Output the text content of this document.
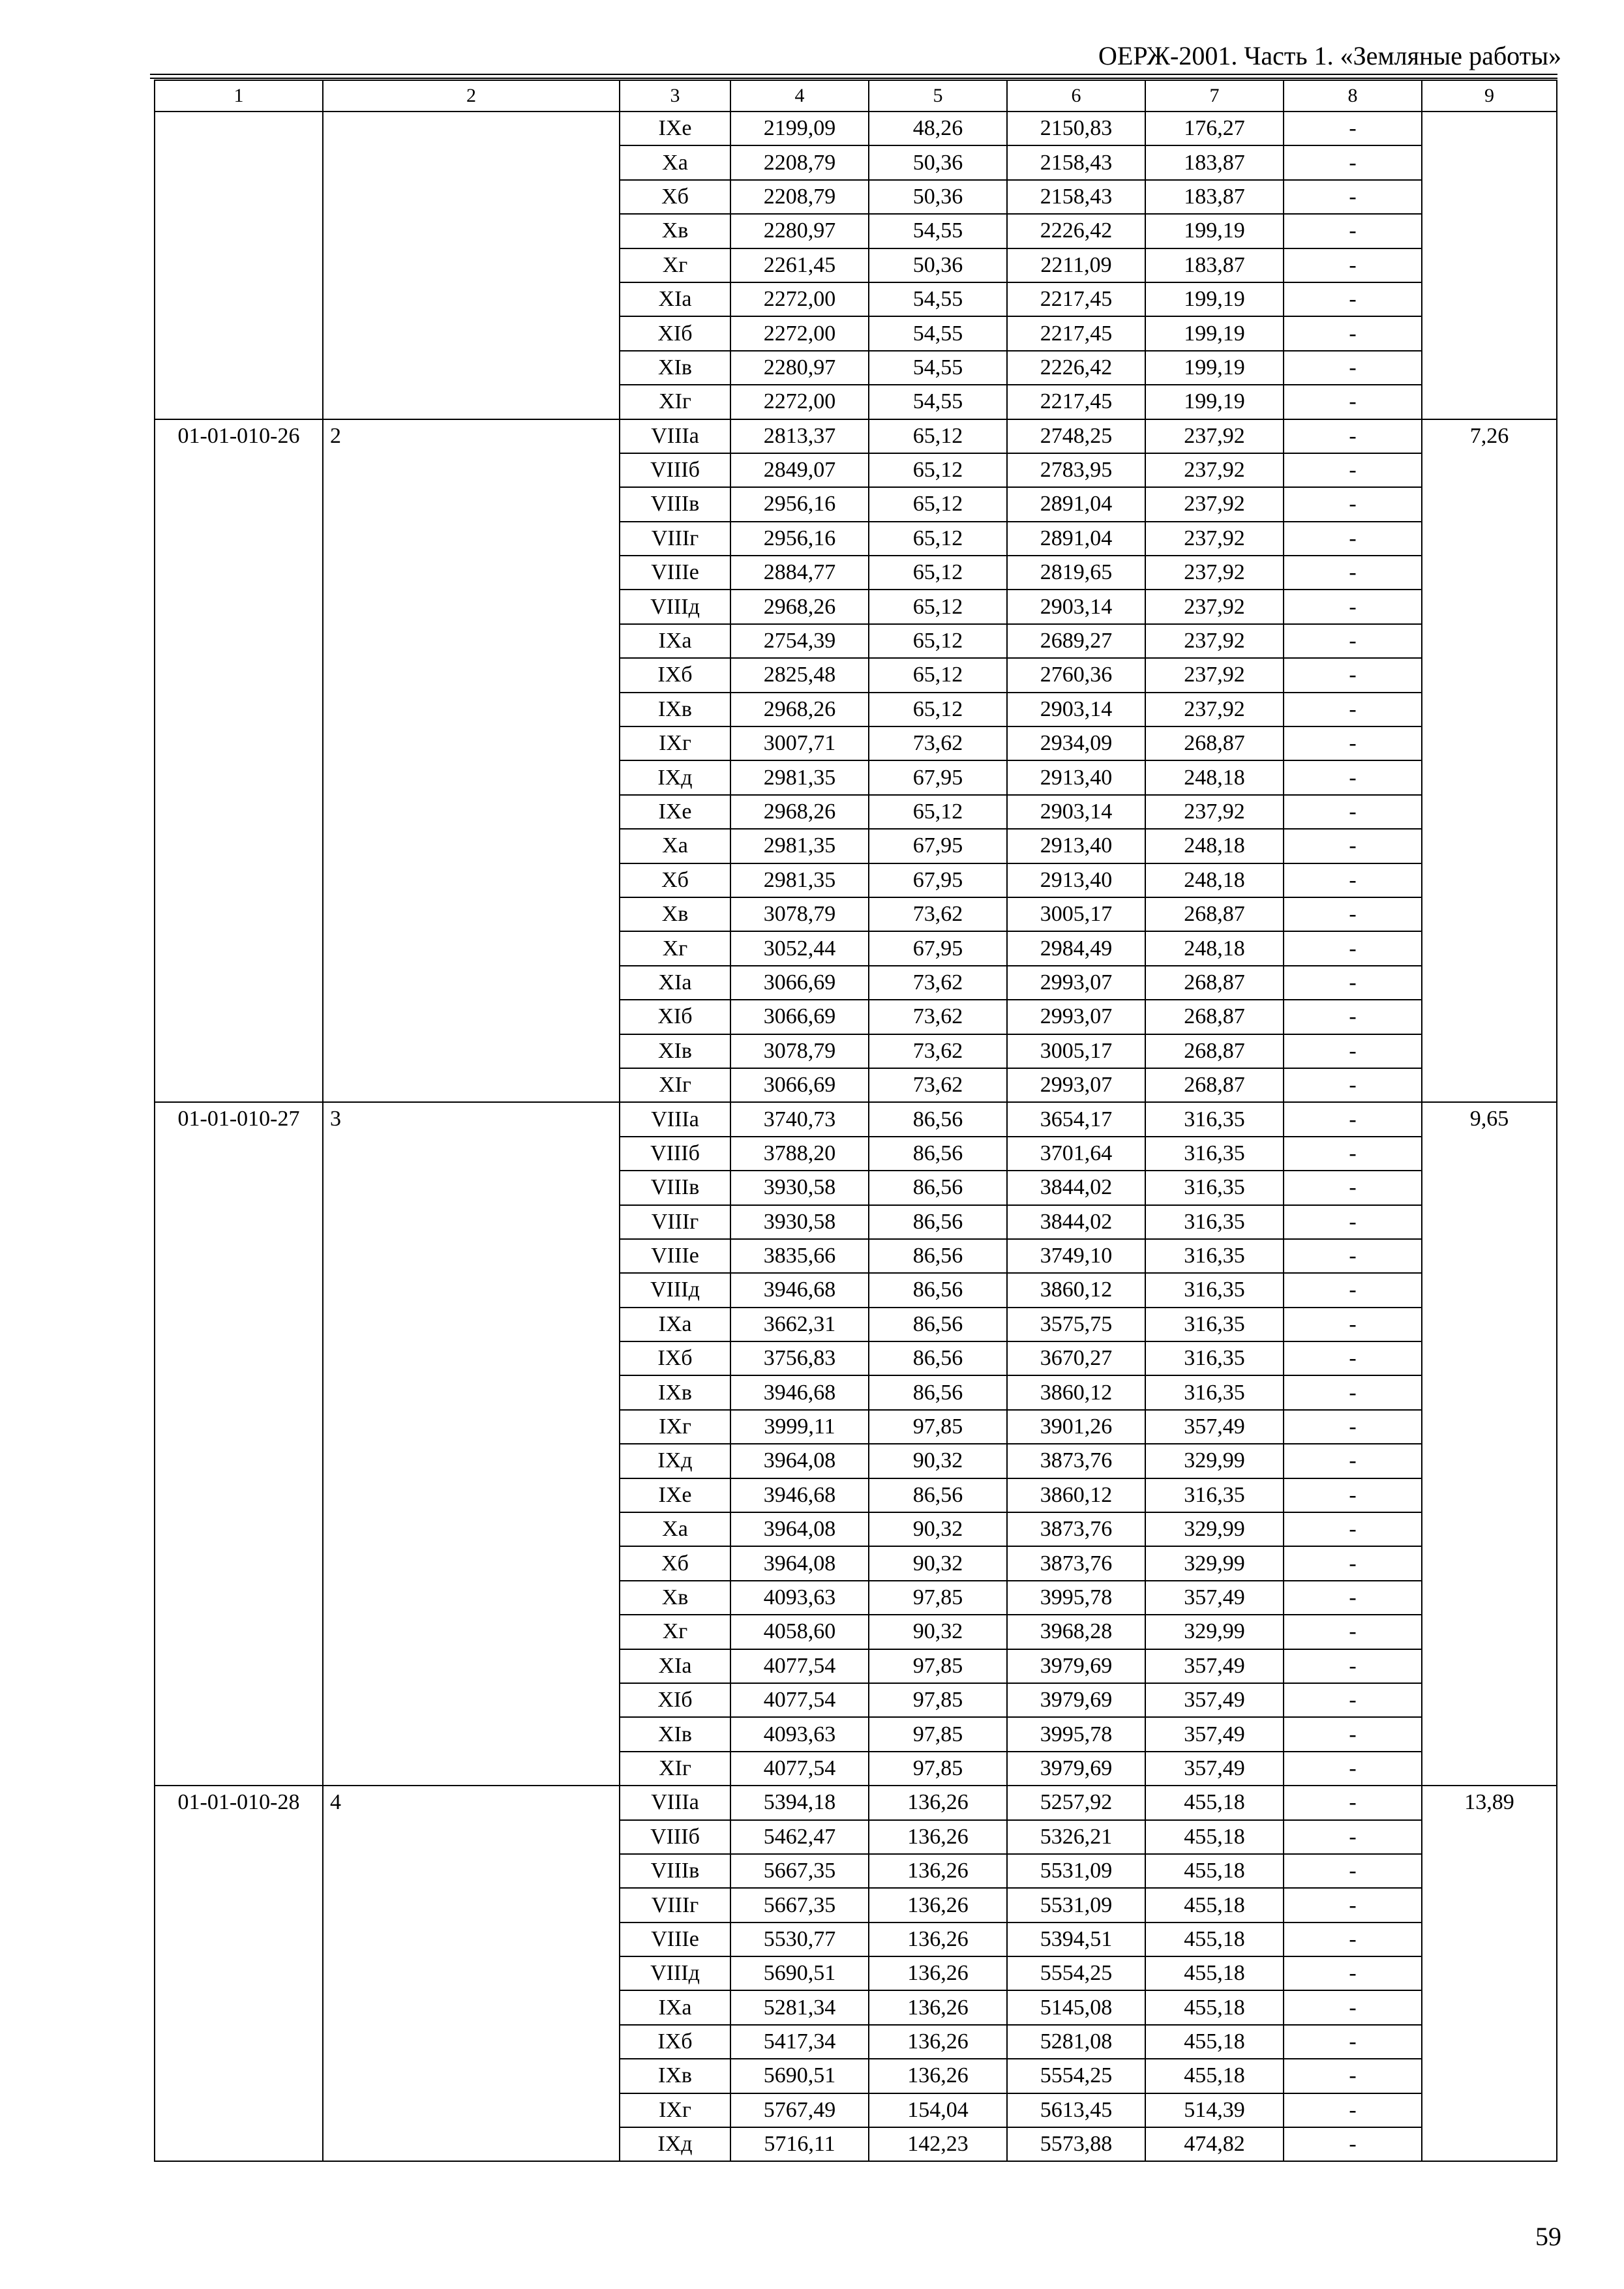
ОЕРЖ-2001. Часть 1. «Земляные работы»
1	2	3	4	5	6	7	8	9
		IXe	2199,09	48,26	2150,83	176,27	-	
		Xa	2208,79	50,36	2158,43	183,87	-	
		Xб	2208,79	50,36	2158,43	183,87	-	
		Xв	2280,97	54,55	2226,42	199,19	-	
		Xг	2261,45	50,36	2211,09	183,87	-	
		XIa	2272,00	54,55	2217,45	199,19	-	
		XIб	2272,00	54,55	2217,45	199,19	-	
		XIв	2280,97	54,55	2226,42	199,19	-	
		XIг	2272,00	54,55	2217,45	199,19	-	
01-01-010-26	2	VIIIa	2813,37	65,12	2748,25	237,92	-	7,26
		VIIIб	2849,07	65,12	2783,95	237,92	-	
		VIIIв	2956,16	65,12	2891,04	237,92	-	
		VIIIг	2956,16	65,12	2891,04	237,92	-	
		VIIIe	2884,77	65,12	2819,65	237,92	-	
		VIIIд	2968,26	65,12	2903,14	237,92	-	
		IXa	2754,39	65,12	2689,27	237,92	-	
		IXб	2825,48	65,12	2760,36	237,92	-	
		IXв	2968,26	65,12	2903,14	237,92	-	
		IXг	3007,71	73,62	2934,09	268,87	-	
		IXд	2981,35	67,95	2913,40	248,18	-	
		IXe	2968,26	65,12	2903,14	237,92	-	
		Xa	2981,35	67,95	2913,40	248,18	-	
		Xб	2981,35	67,95	2913,40	248,18	-	
		Xв	3078,79	73,62	3005,17	268,87	-	
		Xг	3052,44	67,95	2984,49	248,18	-	
		XIa	3066,69	73,62	2993,07	268,87	-	
		XIб	3066,69	73,62	2993,07	268,87	-	
		XIв	3078,79	73,62	3005,17	268,87	-	
		XIг	3066,69	73,62	2993,07	268,87	-	
01-01-010-27	3	VIIIa	3740,73	86,56	3654,17	316,35	-	9,65
		VIIIб	3788,20	86,56	3701,64	316,35	-	
		VIIIв	3930,58	86,56	3844,02	316,35	-	
		VIIIг	3930,58	86,56	3844,02	316,35	-	
		VIIIe	3835,66	86,56	3749,10	316,35	-	
		VIIIд	3946,68	86,56	3860,12	316,35	-	
		IXa	3662,31	86,56	3575,75	316,35	-	
		IXб	3756,83	86,56	3670,27	316,35	-	
		IXв	3946,68	86,56	3860,12	316,35	-	
		IXг	3999,11	97,85	3901,26	357,49	-	
		IXд	3964,08	90,32	3873,76	329,99	-	
		IXe	3946,68	86,56	3860,12	316,35	-	
		Xa	3964,08	90,32	3873,76	329,99	-	
		Xб	3964,08	90,32	3873,76	329,99	-	
		Xв	4093,63	97,85	3995,78	357,49	-	
		Xг	4058,60	90,32	3968,28	329,99	-	
		XIa	4077,54	97,85	3979,69	357,49	-	
		XIб	4077,54	97,85	3979,69	357,49	-	
		XIв	4093,63	97,85	3995,78	357,49	-	
		XIг	4077,54	97,85	3979,69	357,49	-	
01-01-010-28	4	VIIIa	5394,18	136,26	5257,92	455,18	-	13,89
		VIIIб	5462,47	136,26	5326,21	455,18	-	
		VIIIв	5667,35	136,26	5531,09	455,18	-	
		VIIIг	5667,35	136,26	5531,09	455,18	-	
		VIIIe	5530,77	136,26	5394,51	455,18	-	
		VIIIд	5690,51	136,26	5554,25	455,18	-	
		IXa	5281,34	136,26	5145,08	455,18	-	
		IXб	5417,34	136,26	5281,08	455,18	-	
		IXв	5690,51	136,26	5554,25	455,18	-	
		IXг	5767,49	154,04	5613,45	514,39	-	
		IXд	5716,11	142,23	5573,88	474,82	-	
59
